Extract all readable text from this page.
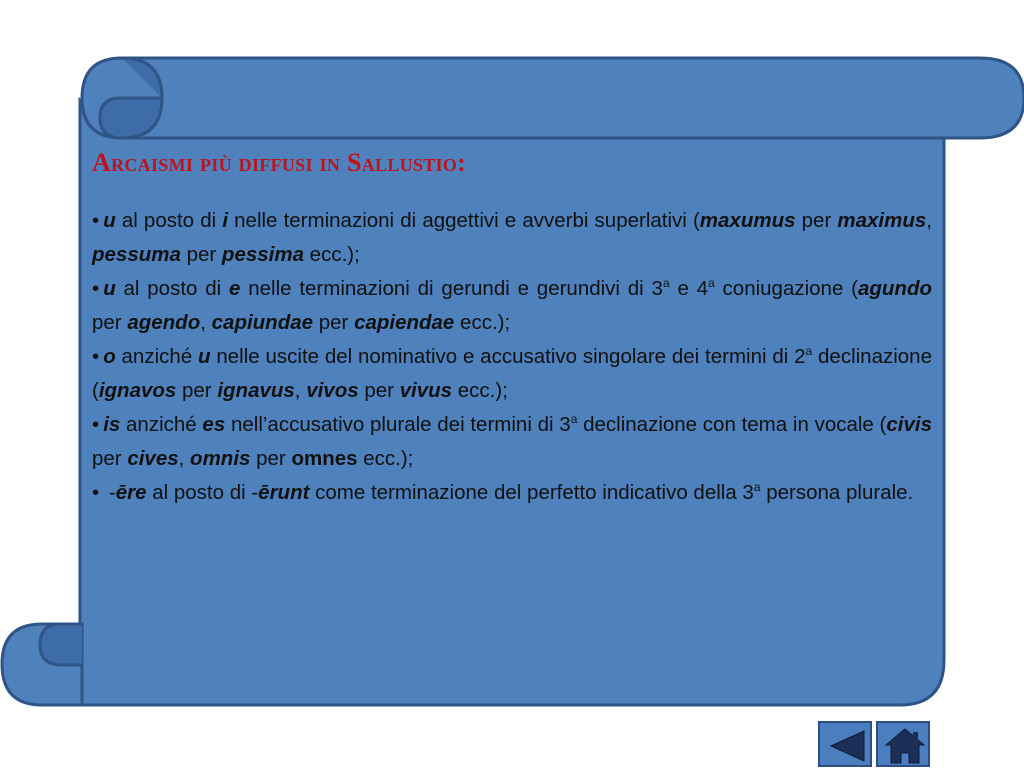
Arcaismi più diffusi in Sallustio:

• u al posto di i nelle terminazioni di aggettivi e avverbi superlativi (maxumus per maximus, pessuma per pessima ecc.);

• u al posto di e nelle terminazioni di gerundi e gerundivi di 3$^a$ e 4$^a$ coniugazione (agundo per agendo, capiundae per capiendae ecc.);

• o anziché u nelle uscite del nominativo e accusativo singolare dei termini di 2$^a$ declinazione (ignavos per ignavus, vivos per vivus ecc.);

• is anziché es nell’accusativo plurale dei termini di 3$^a$ declinazione con tema in vocale (civis per cives, omnis per omnes ecc.);

• -ēre al posto di -ērunt come terminazione del perfetto indicativo della 3$^a$ persona plurale.
